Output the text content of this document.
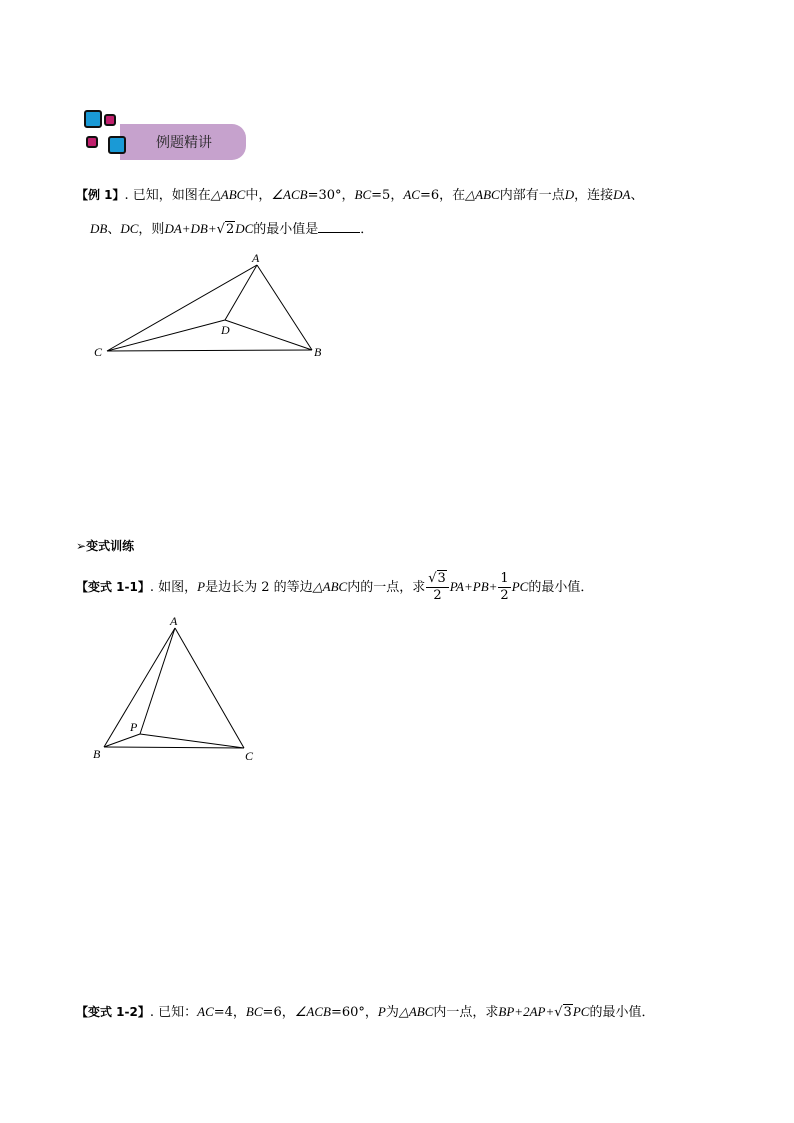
例题精讲
【例 1】. 已知，如图在△ABC中，∠ACB=30°，BC=5，AC=6，在△ABC内部有一点D，连接DA、
DB、DC，则DA+DB+√2DC的最小值是	．
A
B
C
D
➢变式训练
【变式 1-1】. 如图，P是边长为 2 的等边△ABC内的一点，求 $\frac{√3}{2} PA+PB+ \frac{1}{2}$ PC的最小值．
A
B	C
P
【变式 1-2】. 已知：AC=4，BC=6，∠ACB=60°，P为△ABC内一点，求BP+2AP+√3PC的最小值．
